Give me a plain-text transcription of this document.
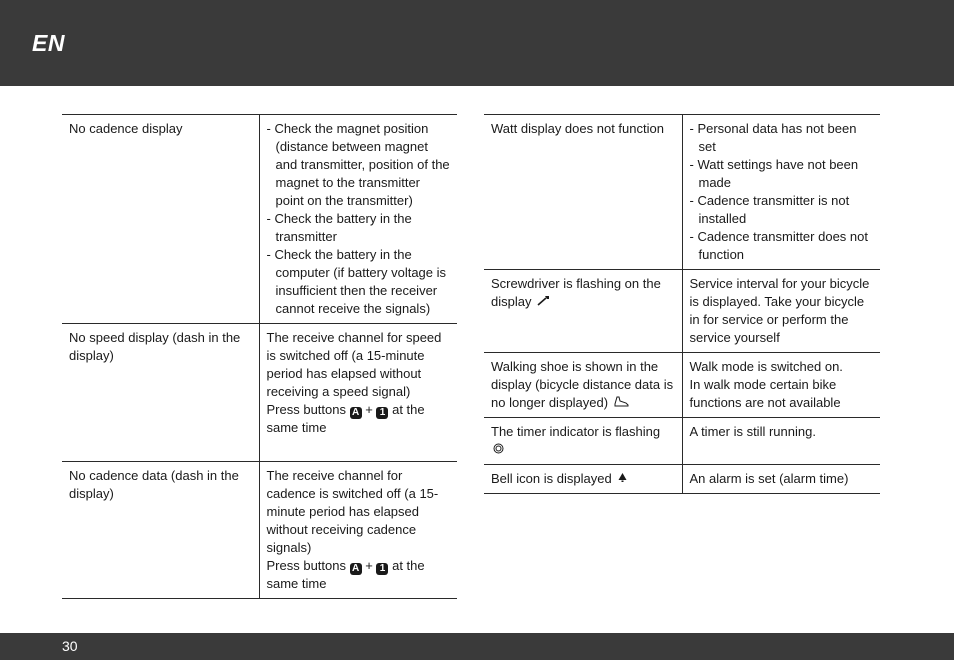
EN
No cadence display	- Check the magnet position (distance between magnet and transmitter, position of the magnet to the transmitter point on the transmitter)
- Check the battery in the transmitter
- Check the battery in the computer (if battery voltage is insufficient then the receiver cannot receive the signals)

No speed display (dash in the display)	The receive channel for speed is switched off (a 15-minute period has elapsed without receiving a speed signal)
Press buttons A + 1 at the same time
No cadence data (dash in the display)	The receive channel for cadence is switched off (a 15-minute period has elapsed without receiving cadence signals)
Press buttons A + 1 at the same time
Watt display does not function	- Personal data has not been set
- Watt settings have not been made
- Cadence transmitter is not installed
- Cadence transmitter does not function

Screwdriver is flashing on the display	Service interval for your bicycle is displayed. Take your bicycle in for service or perform the service yourself
Walking shoe is shown in the display (bicycle distance data is no longer displayed)	Walk mode is switched on.
In walk mode certain bike functions are not available

The timer indicator is flashing	A timer is still running.
Bell icon is displayed	An alarm is set (alarm time)
30
